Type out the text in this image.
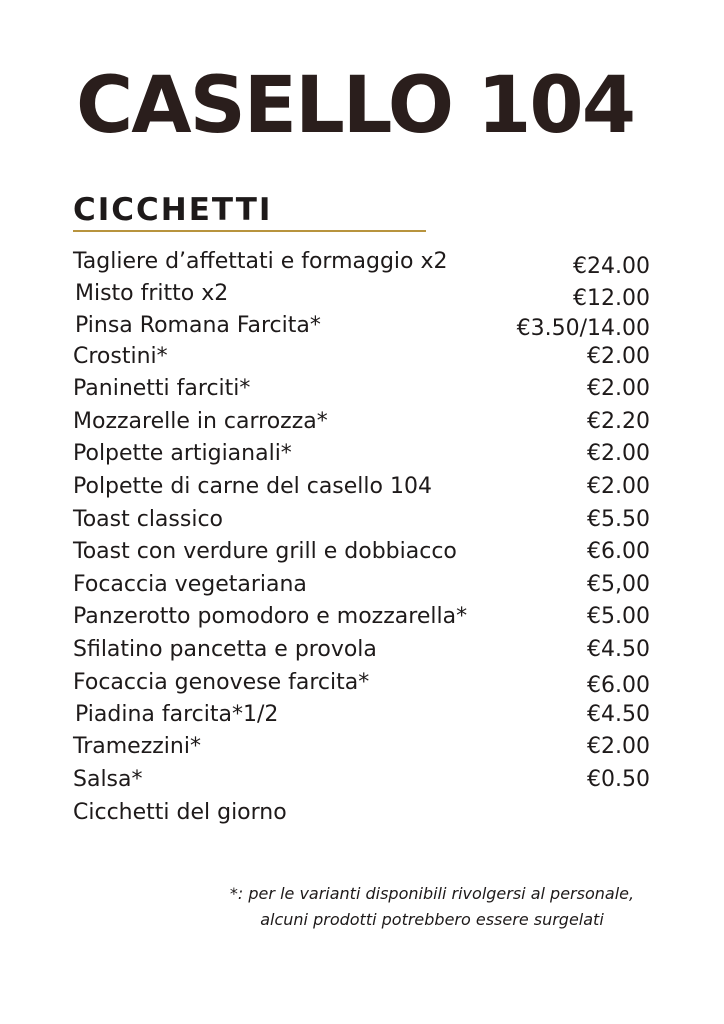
CASELLO 104
CICCHETTI
Tagliere d’affettati e formaggio x2	€24.00
Misto fritto x2	€12.00
Pinsa Romana Farcita*	€3.50/14.00
Crostini*	€2.00
Paninetti farciti*	€2.00
Mozzarelle in carrozza*	€2.20
Polpette artigianali*	€2.00
Polpette di carne del casello 104	€2.00
Toast classico	€5.50
Toast con verdure grill e dobbiacco	€6.00
Focaccia vegetariana	€5,00
Panzerotto pomodoro e mozzarella*	€5.00
Sfilatino pancetta e provola	€4.50
Focaccia genovese farcita*	€6.00
Piadina farcita*1/2	€4.50
Tramezzini*	€2.00
Salsa*	€0.50
Cicchetti del giorno
*: per le varianti disponibili rivolgersi al personale,
alcuni prodotti potrebbero essere surgelati
